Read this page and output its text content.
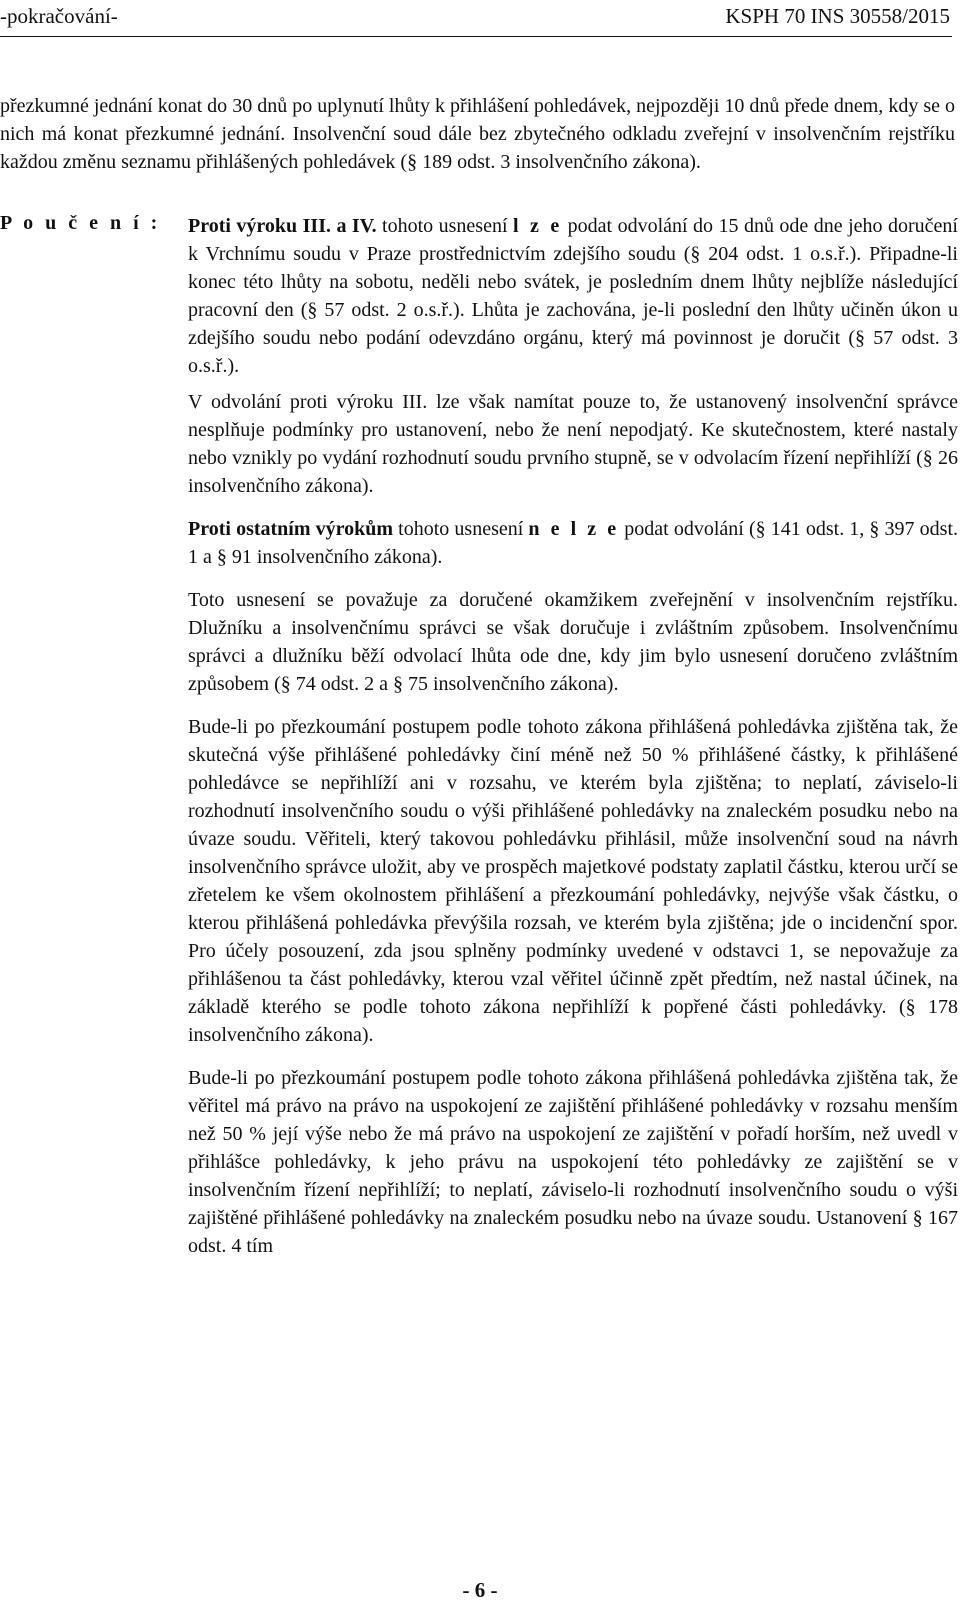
-pokračování-	KSPH 70 INS 30558/2015

přezkumné jednání konat do 30 dnů po uplynutí lhůty k přihlášení pohledávek, nejpozději 10 dnů přede dnem, kdy se o nich má konat přezkumné jednání. Insolvenční soud dále bez zbytečného odkladu zveřejní v insolvenčním rejstříku každou změnu seznamu přihlášených pohledávek (§ 189 odst. 3 insolvenčního zákona).

P o u č e n í : Proti výroku III. a IV. tohoto usnesení l z e podat odvolání do 15 dnů ode dne jeho doručení k Vrchnímu soudu v Praze prostřednictvím zdejšího soudu (§ 204 odst. 1 o.s.ř.). Připadne-li konec této lhůty na sobotu, neděli nebo svátek, je posledním dnem lhůty nejblíže následující pracovní den (§ 57 odst. 2 o.s.ř.). Lhůta je zachována, je-li poslední den lhůty učiněn úkon u zdejšího soudu nebo podání odevzdáno orgánu, který má povinnost je doručit (§ 57 odst. 3 o.s.ř.).

V odvolání proti výroku III. lze však namítat pouze to, že ustanovený insolvenční správce nesplňuje podmínky pro ustanovení, nebo že není nepodjatý. Ke skutečnostem, které nastaly nebo vznikly po vydání rozhodnutí soudu prvního stupně, se v odvolacím řízení nepřihlíží (§ 26 insolvenčního zákona).

Proti ostatním výrokům tohoto usnesení n e l z e podat odvolání (§ 141 odst. 1, § 397 odst. 1 a § 91 insolvenčního zákona).

Toto usnesení se považuje za doručené okamžikem zveřejnění v insolvenčním rejstříku. Dlužníku a insolvenčnímu správci se však doručuje i zvláštním způsobem. Insolvenčnímu správci a dlužníku běží odvolací lhůta ode dne, kdy jim bylo usnesení doručeno zvláštním způsobem (§ 74 odst. 2 a § 75 insolvenčního zákona).

Bude-li po přezkoumání postupem podle tohoto zákona přihlášená pohledávka zjištěna tak, že skutečná výše přihlášené pohledávky činí méně než 50 % přihlášené částky, k přihlášené pohledávce se nepřihlíží ani v rozsahu, ve kterém byla zjištěna; to neplatí, záviselo-li rozhodnutí insolvenčního soudu o výši přihlášené pohledávky na znaleckém posudku nebo na úvaze soudu. Věřiteli, který takovou pohledávku přihlásil, může insolvenční soud na návrh insolvenčního správce uložit, aby ve prospěch majetkové podstaty zaplatil částku, kterou určí se zřetelem ke všem okolnostem přihlášení a přezkoumání pohledávky, nejvýše však částku, o kterou přihlášená pohledávka převýšila rozsah, ve kterém byla zjištěna; jde o incidenční spor. Pro účely posouzení, zda jsou splněny podmínky uvedené v odstavci 1, se nepovažuje za přihlášenou ta část pohledávky, kterou vzal věřitel účinně zpět předtím, než nastal účinek, na základě kterého se podle tohoto zákona nepřihlíží k popřené části pohledávky. (§ 178 insolvenčního zákona).

Bude-li po přezkoumání postupem podle tohoto zákona přihlášená pohledávka zjištěna tak, že věřitel má právo na právo na uspokojení ze zajištění přihlášené pohledávky v rozsahu menším než 50 % její výše nebo že má právo na uspokojení ze zajištění v pořadí horším, než uvedl v přihlášce pohledávky, k jeho právu na uspokojení této pohledávky ze zajištění se v insolvenčním řízení nepřihlíží; to neplatí, záviselo-li rozhodnutí insolvenčního soudu o výši zajištěné přihlášené pohledávky na znaleckém posudku nebo na úvaze soudu. Ustanovení § 167 odst. 4 tím

- 6 -
